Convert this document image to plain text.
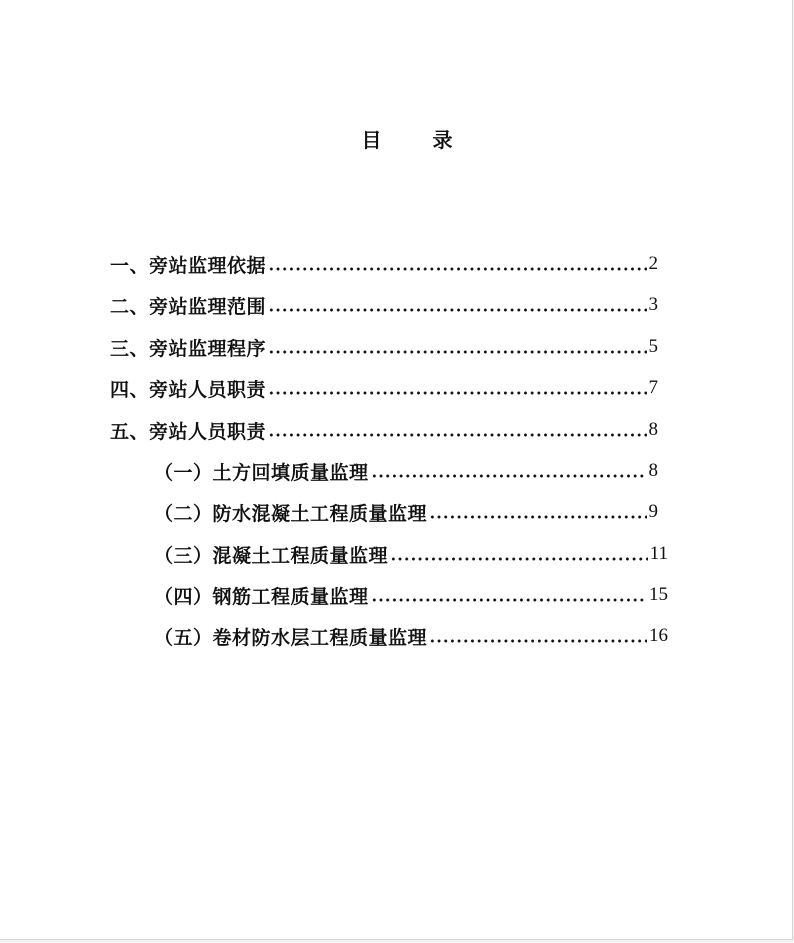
目 录
一、旁站监理依据	2
二、旁站监理范围	3
三、旁站监理程序	5
四、旁站人员职责	7
五、旁站人员职责	8
（一）土方回填质量监理	8
（二）防水混凝土工程质量监理	9
（三）混凝土工程质量监理	11
（四）钢筋工程质量监理	15
（五）卷材防水层工程质量监理	16
